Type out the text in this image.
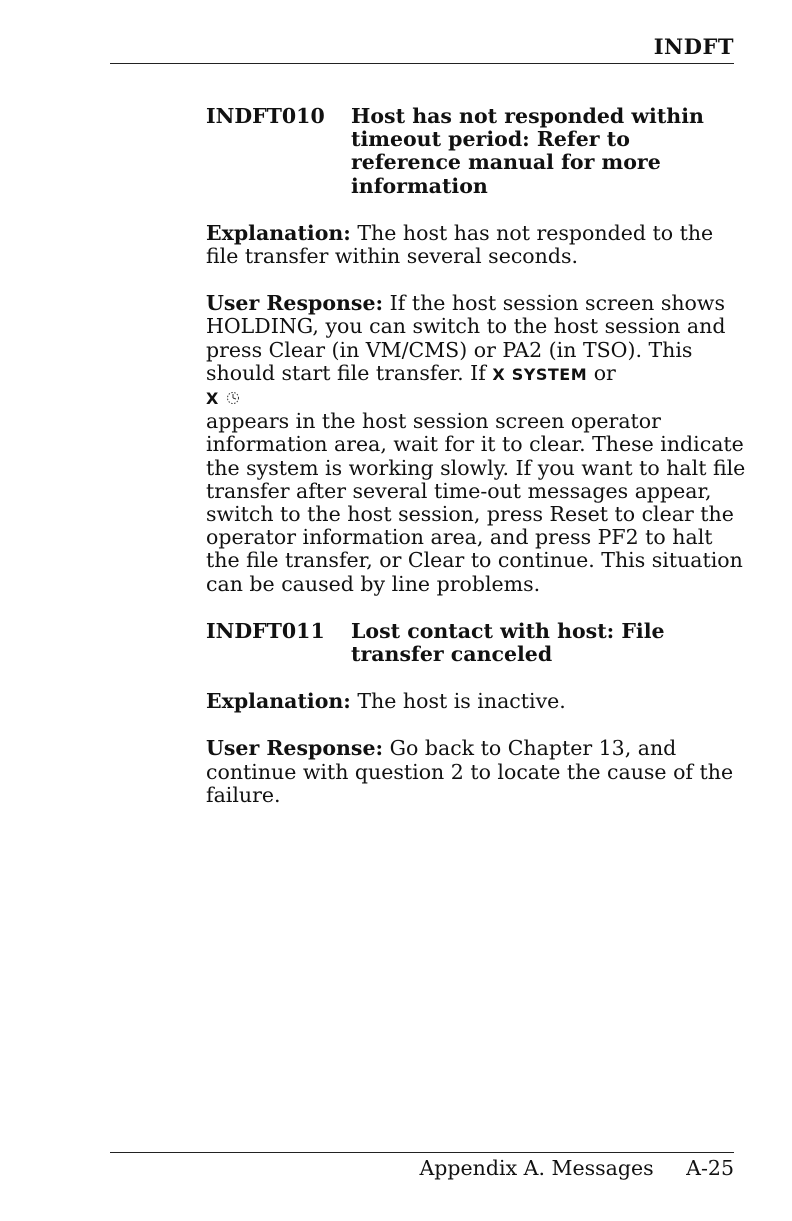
INDFT
INDFT010	Host has not responded within timeout period: Refer to reference manual for more information
Explanation: The host has not responded to the file transfer within several seconds.
User Response: If the host session screen shows HOLDING, you can switch to the host session and press Clear (in VM/CMS) or PA2 (in TSO). This should start file transfer. If X SYSTEM or
X
appears in the host session screen operator information area, wait for it to clear. These indicate the system is working slowly. If you want to halt file transfer after several time-out messages appear, switch to the host session, press Reset to clear the operator information area, and press PF2 to halt the file transfer, or Clear to continue. This situation can be caused by line problems.
INDFT011	Lost contact with host: File transfer canceled
Explanation: The host is inactive.
User Response: Go back to Chapter 13, and continue with question 2 to locate the cause of the failure.
Appendix A. Messages A-25
